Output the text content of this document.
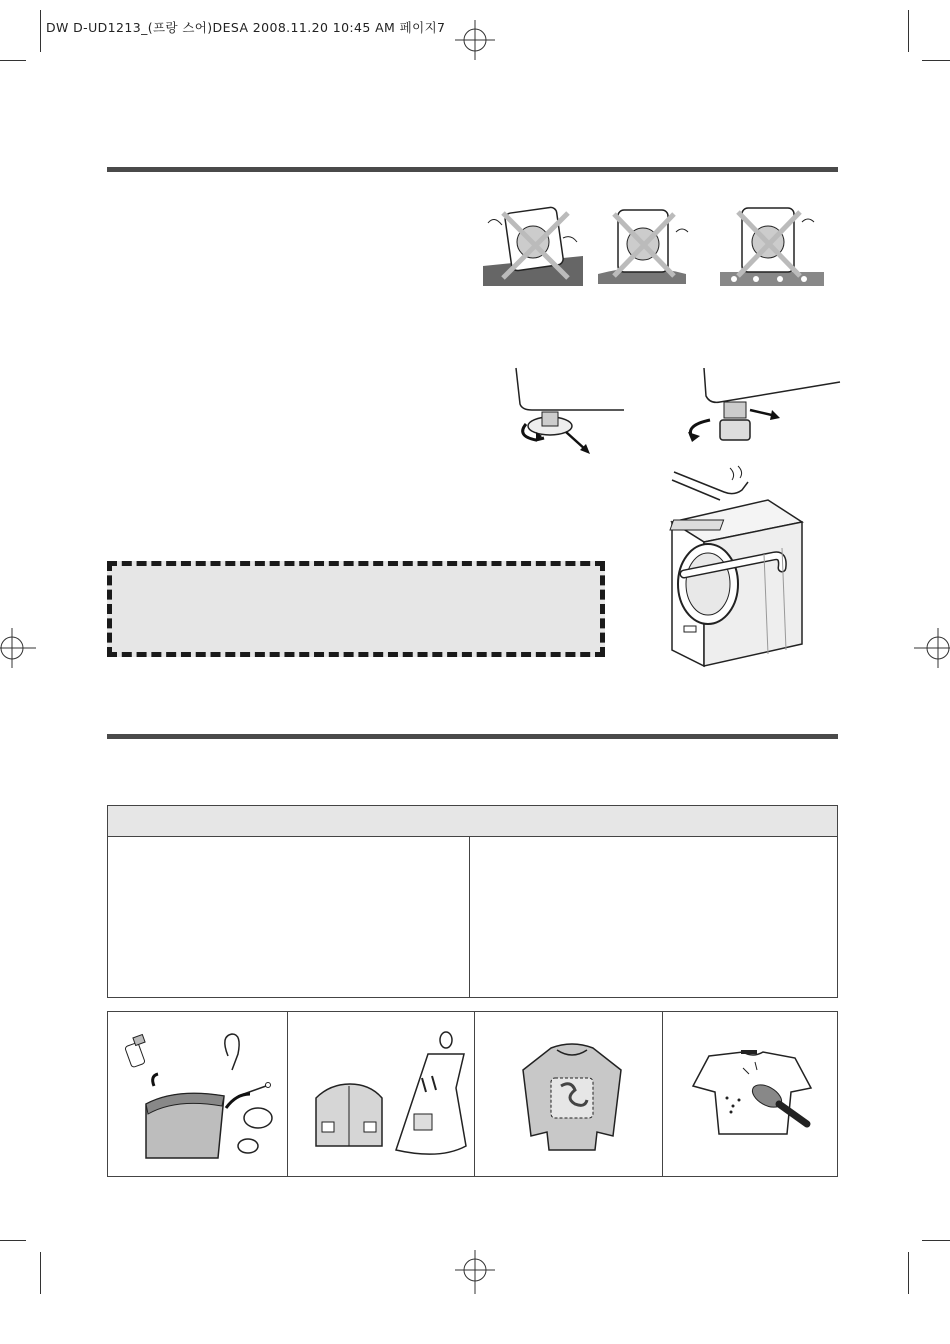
DW D-UD1213_(프랑 스어)DESA 2008.11.20 10:45 AM 페이지7
